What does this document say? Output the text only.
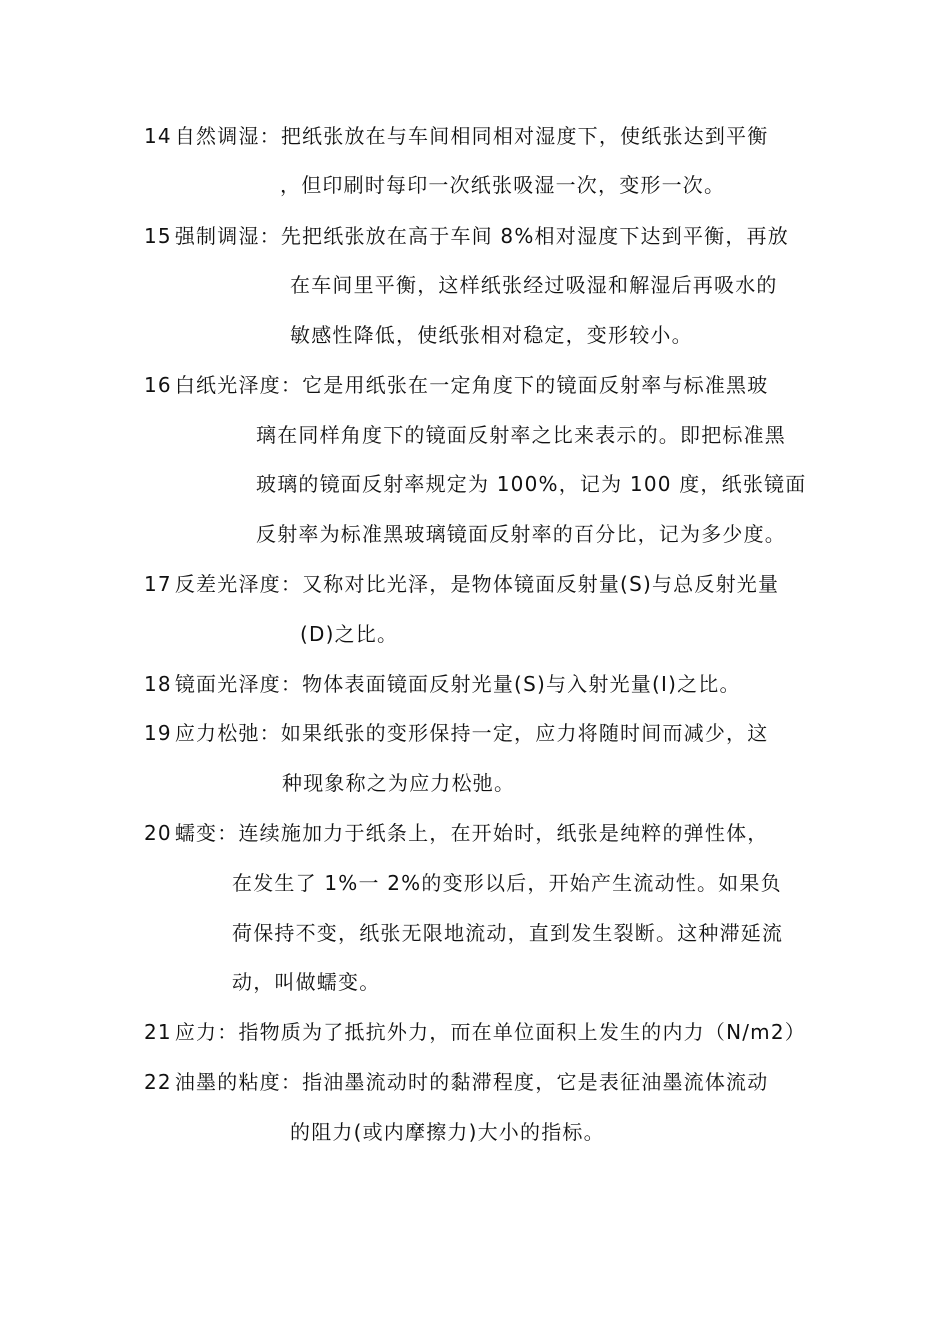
14 自然调湿：把纸张放在与车间相同相对湿度下，使纸张达到平衡
，但印刷时每印一次纸张吸湿一次，变形一次。
15 强制调湿：先把纸张放在高于车间 8%相对湿度下达到平衡，再放
在车间里平衡，这样纸张经过吸湿和解湿后再吸水的
敏感性降低，使纸张相对稳定，变形较小。
16 白纸光泽度：它是用纸张在一定角度下的镜面反射率与标准黑玻
璃在同样角度下的镜面反射率之比来表示的。即把标准黑
玻璃的镜面反射率规定为 100%，记为 100 度，纸张镜面
反射率为标准黑玻璃镜面反射率的百分比，记为多少度。
17 反差光泽度：又称对比光泽，是物体镜面反射量(S)与总反射光量
(D)之比。
18 镜面光泽度：物体表面镜面反射光量(S)与入射光量(I)之比。
19 应力松弛：如果纸张的变形保持一定，应力将随时间而减少，这
种现象称之为应力松弛。
20 蠕变：连续施加力于纸条上，在开始时，纸张是纯粹的弹性体，
在发生了 1%一 2%的变形以后，开始产生流动性。如果负
荷保持不变，纸张无限地流动，直到发生裂断。这种滞延流
动，叫做蠕变。
21 应力：指物质为了抵抗外力，而在单位面积上发生的内力（N/m2）
22 油墨的粘度：指油墨流动时的黏滞程度，它是表征油墨流体流动
的阻力(或内摩擦力)大小的指标。
